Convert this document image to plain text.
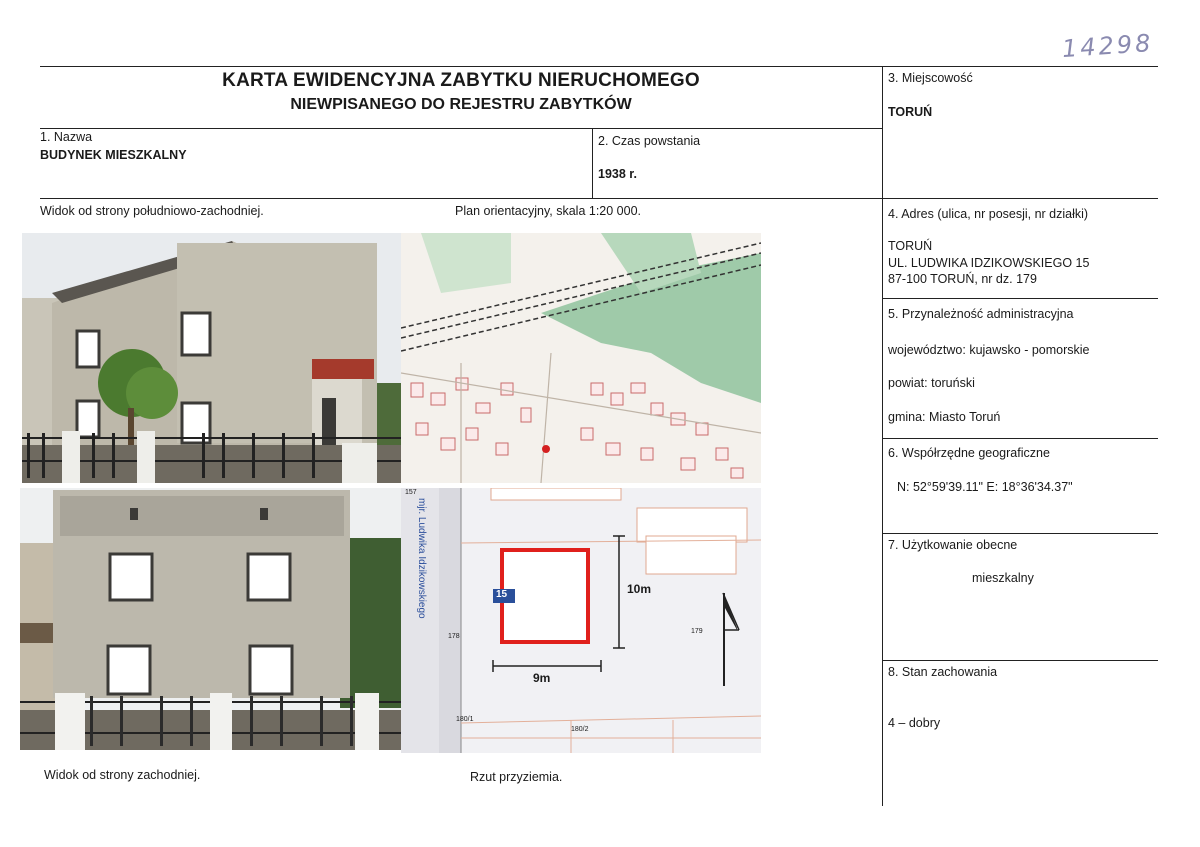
14298
KARTA EWIDENCYJNA ZABYTKU NIERUCHOMEGO
NIEWPISANEGO DO REJESTRU ZABYTKÓW
1. Nazwa
BUDYNEK MIESZKALNY
2. Czas powstania
1938 r.
3. Miejscowość
TORUŃ
4. Adres (ulica, nr posesji, nr działki)
TORUŃ
UL. LUDWIKA IDZIKOWSKIEGO 15
87-100 TORUŃ, nr dz. 179
5. Przynależność administracyjna
województwo: kujawsko - pomorskie
powiat: toruński
gmina: Miasto Toruń
6. Współrzędne geograficzne
N: 52°59'39.11" E: 18°36'34.37"
7. Użytkowanie obecne
mieszkalny
8. Stan zachowania
4 – dobry
Widok od strony południowo-zachodniej.	Plan orientacyjny, skala 1:20 000.
Widok od strony zachodniej.	Rzut przyziemia.
mjr. Ludwika Idzikowskiego	15	10m
9m
157
178
179
180/1
180/2
